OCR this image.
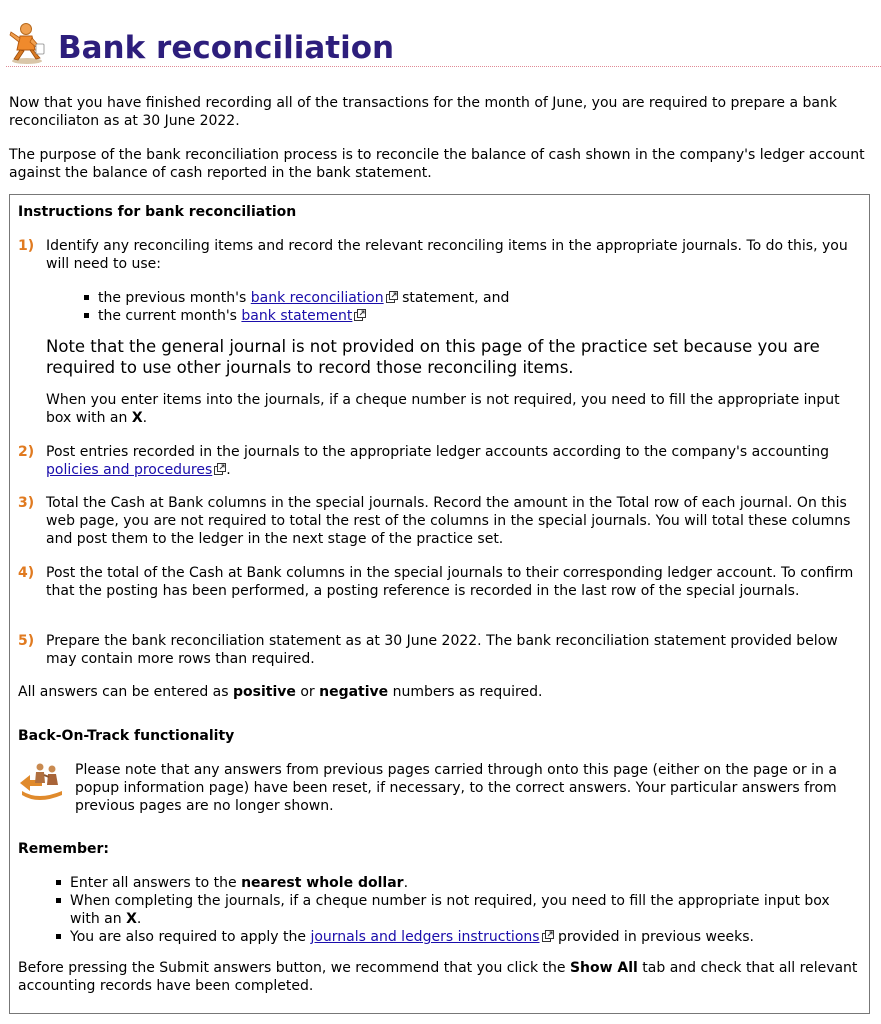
Bank reconciliation

Now that you have finished recording all of the transactions for the month of June, you are required to prepare a bank reconciliaton as at 30 June 2022.

The purpose of the bank reconciliation process is to reconcile the balance of cash shown in the company's ledger account against the balance of cash reported in the bank statement.

Instructions for bank reconciliation

1) Identify any reconciling items and record the relevant reconciling items in the appropriate journals. To do this, you will need to use:

the previous month's bank reconciliation statement, and
the current month's bank statement

Note that the general journal is not provided on this page of the practice set because you are required to use other journals to record those reconciling items.

When you enter items into the journals, if a cheque number is not required, you need to fill the appropriate input box with an X.

2) Post entries recorded in the journals to the appropriate ledger accounts according to the company's accounting policies and procedures .

3) Total the Cash at Bank columns in the special journals. Record the amount in the Total row of each journal. On this web page, you are not required to total the rest of the columns in the special journals. You will total these columns and post them to the ledger in the next stage of the practice set.

4) Post the total of the Cash at Bank columns in the special journals to their corresponding ledger account. To confirm that the posting has been performed, a posting reference is recorded in the last row of the special journals.

5) Prepare the bank reconciliation statement as at 30 June 2022. The bank reconciliation statement provided below may contain more rows than required.

All answers can be entered as positive or negative numbers as required.

Back-On-Track functionality

Please note that any answers from previous pages carried through onto this page (either on the page or in a popup information page) have been reset, if necessary, to the correct answers. Your particular answers from previous pages are no longer shown.

Remember:

Enter all answers to the nearest whole dollar.
When completing the journals, if a cheque number is not required, you need to fill the appropriate input box with an X.
You are also required to apply the journals and ledgers instructions provided in previous weeks.

Before pressing the Submit answers button, we recommend that you click the Show All tab and check that all relevant accounting records have been completed.
